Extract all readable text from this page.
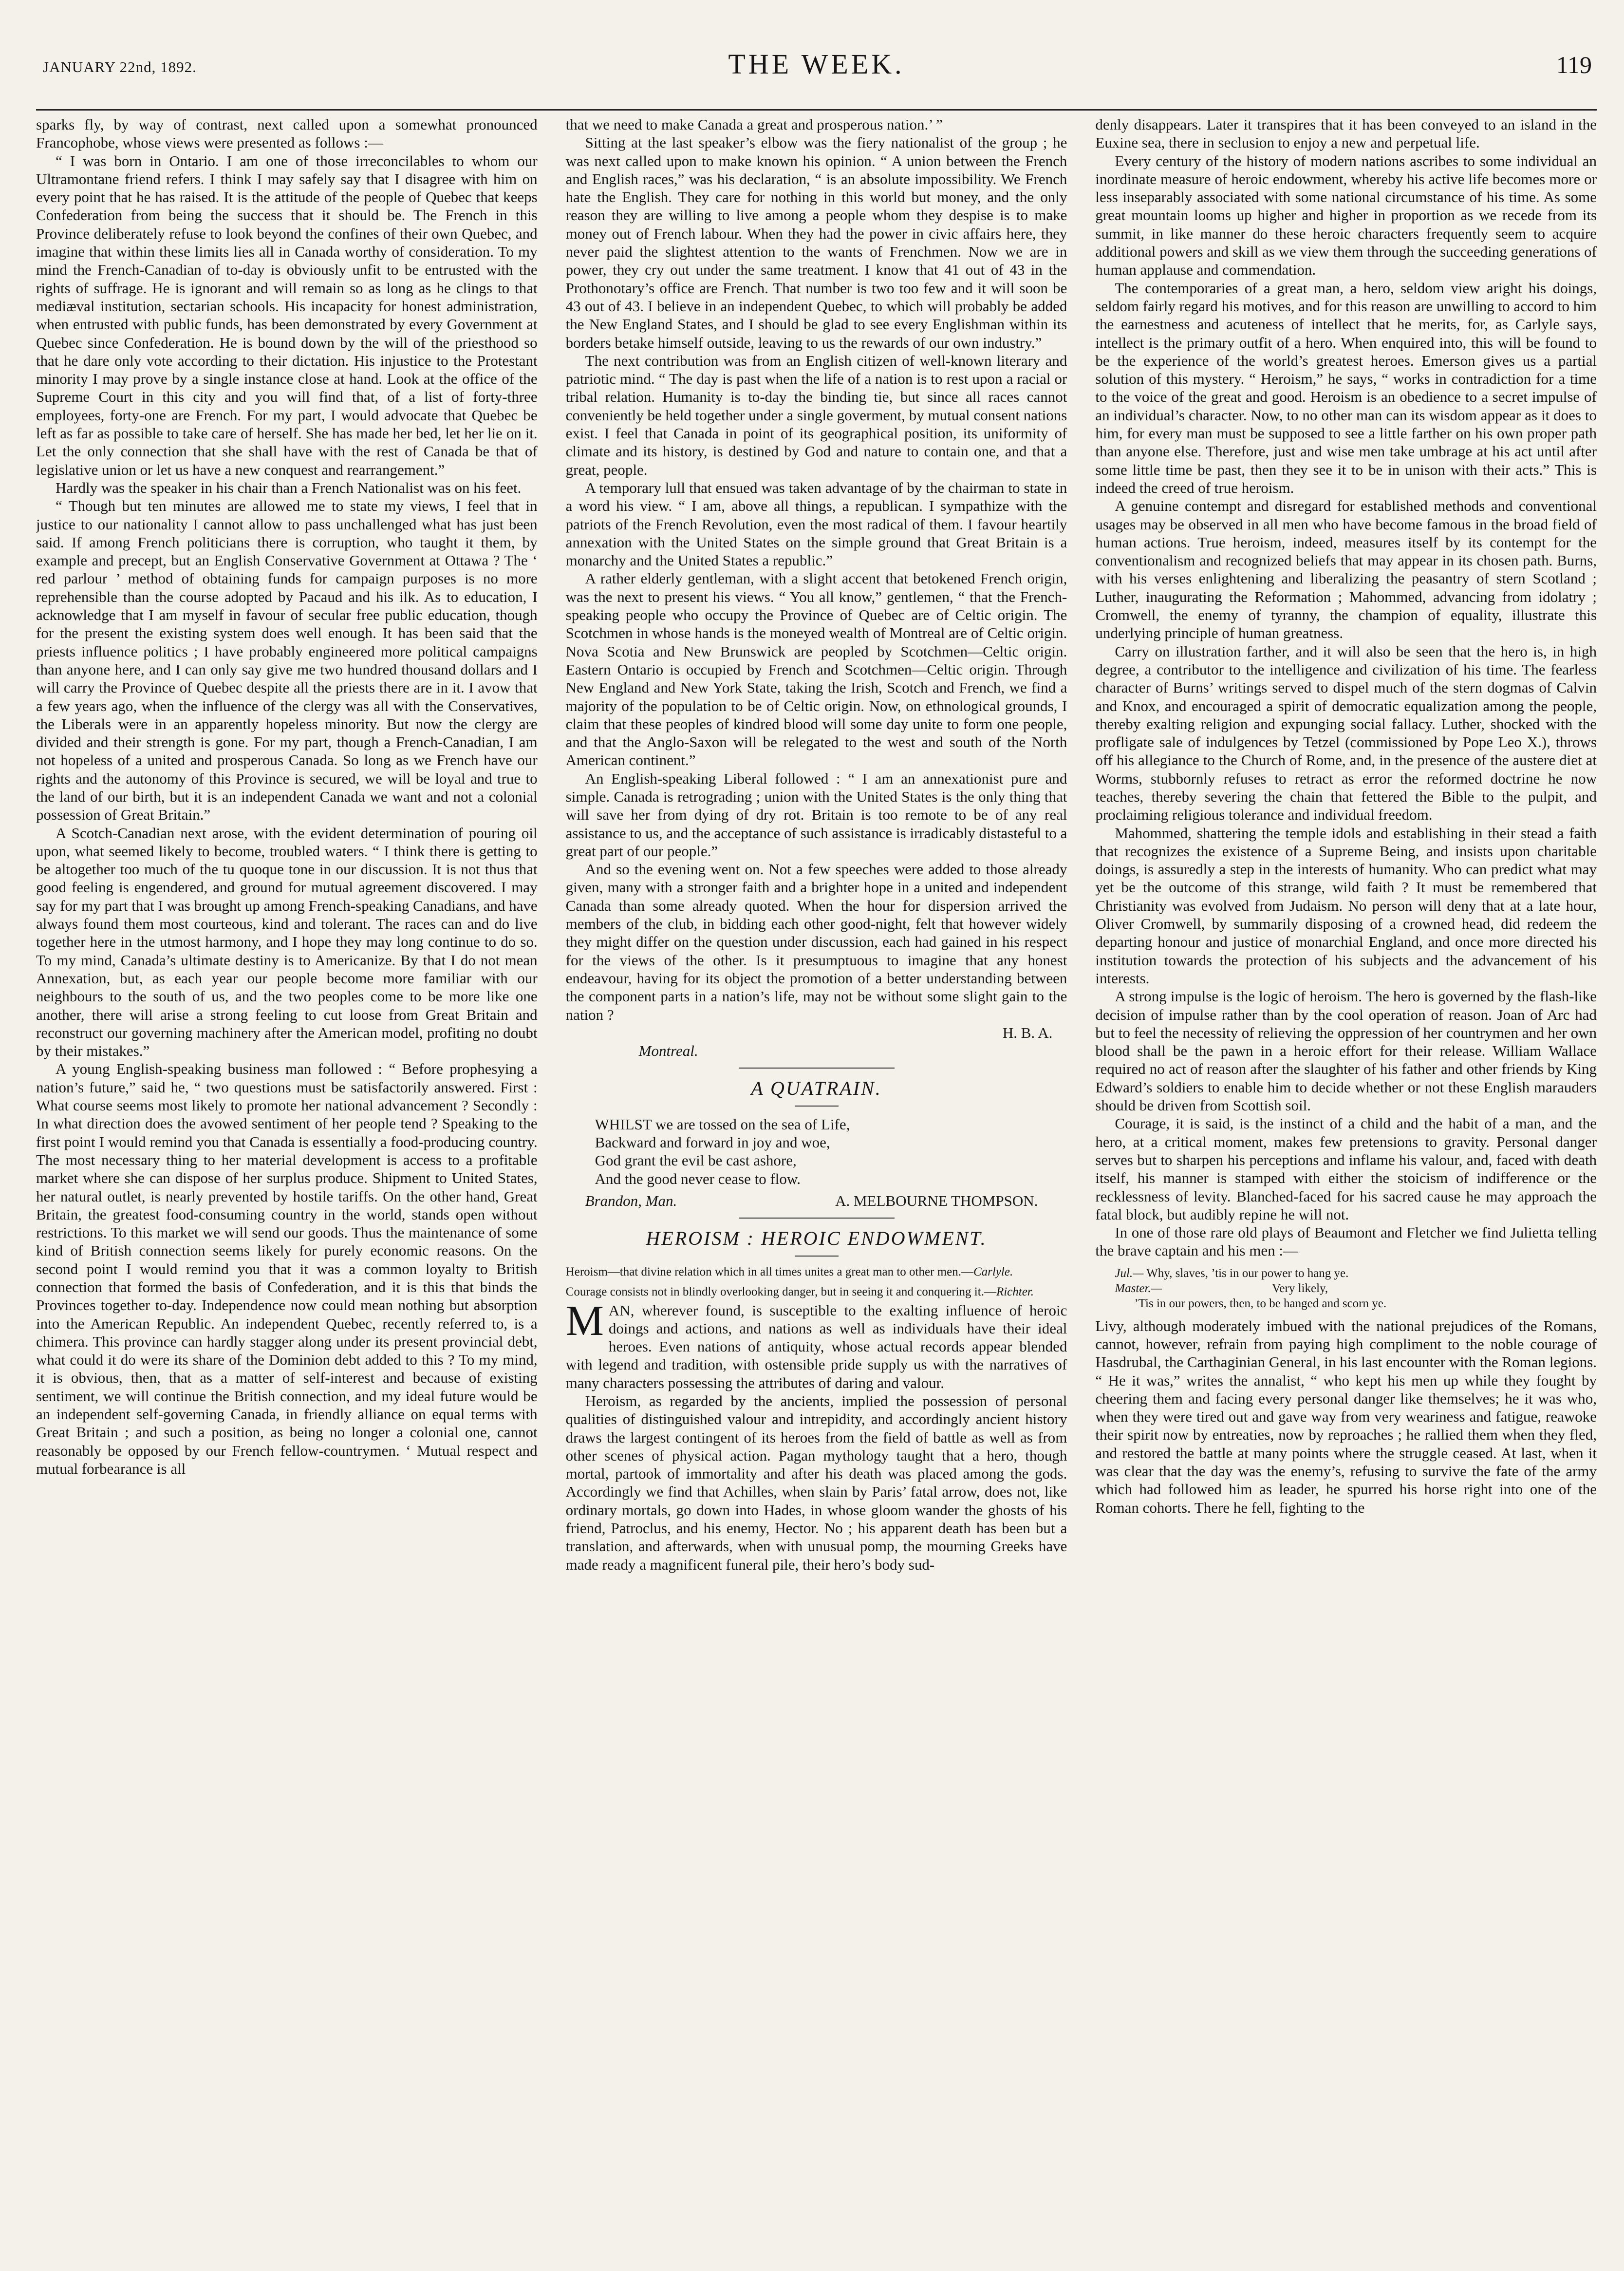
JANUARY 22nd, 1892.	THE WEEK.	119

sparks fly, by way of contrast, next called upon a somewhat pronounced Francophobe, whose views were presented as follows :—

“ I was born in Ontario. I am one of those irreconcilables to whom our Ultramontane friend refers. I think I may safely say that I disagree with him on every point that he has raised. It is the attitude of the people of Quebec that keeps Confederation from being the success that it should be. The French in this Province deliberately refuse to look beyond the confines of their own Quebec, and imagine that within these limits lies all in Canada worthy of consideration. To my mind the French-Canadian of to-day is obviously unfit to be entrusted with the rights of suffrage. He is ignorant and will remain so as long as he clings to that mediæval institution, sectarian schools. His incapacity for honest administration, when entrusted with public funds, has been demonstrated by every Government at Quebec since Confederation. He is bound down by the will of the priesthood so that he dare only vote according to their dictation. His injustice to the Protestant minority I may prove by a single instance close at hand. Look at the office of the Supreme Court in this city and you will find that, of a list of forty-three employees, forty-one are French. For my part, I would advocate that Quebec be left as far as possible to take care of herself. She has made her bed, let her lie on it. Let the only connection that she shall have with the rest of Canada be that of legislative union or let us have a new conquest and rearrangement.”

Hardly was the speaker in his chair than a French Nationalist was on his feet.

“ Though but ten minutes are allowed me to state my views, I feel that in justice to our nationality I cannot allow to pass unchallenged what has just been said. If among French politicians there is corruption, who taught it them, by example and precept, but an English Conservative Government at Ottawa ? The ‘ red parlour ’ method of obtaining funds for campaign purposes is no more reprehensible than the course adopted by Pacaud and his ilk. As to education, I acknowledge that I am myself in favour of secular free public education, though for the present the existing system does well enough. It has been said that the priests influence politics ; I have probably engineered more political campaigns than anyone here, and I can only say give me two hundred thousand dollars and I will carry the Province of Quebec despite all the priests there are in it. I avow that a few years ago, when the influence of the clergy was all with the Conservatives, the Liberals were in an apparently hopeless minority. But now the clergy are divided and their strength is gone. For my part, though a French-Canadian, I am not hopeless of a united and prosperous Canada. So long as we French have our rights and the autonomy of this Province is secured, we will be loyal and true to the land of our birth, but it is an independent Canada we want and not a colonial possession of Great Britain.”

A Scotch-Canadian next arose, with the evident determination of pouring oil upon, what seemed likely to become, troubled waters. “ I think there is getting to be altogether too much of the tu quoque tone in our discussion. It is not thus that good feeling is engendered, and ground for mutual agreement discovered. I may say for my part that I was brought up among French-speaking Canadians, and have always found them most courteous, kind and tolerant. The races can and do live together here in the utmost harmony, and I hope they may long continue to do so. To my mind, Canada’s ultimate destiny is to Americanize. By that I do not mean Annexation, but, as each year our people become more familiar with our neighbours to the south of us, and the two peoples come to be more like one another, there will arise a strong feeling to cut loose from Great Britain and reconstruct our governing machinery after the American model, profiting no doubt by their mistakes.”

A young English-speaking business man followed : “ Before prophesying a nation’s future,” said he, “ two questions must be satisfactorily answered. First : What course seems most likely to promote her national advancement ? Secondly : In what direction does the avowed sentiment of her people tend ? Speaking to the first point I would remind you that Canada is essentially a food-producing country. The most necessary thing to her material development is access to a profitable market where she can dispose of her surplus produce. Shipment to United States, her natural outlet, is nearly prevented by hostile tariffs. On the other hand, Great Britain, the greatest food-consuming country in the world, stands open without restrictions. To this market we will send our goods. Thus the maintenance of some kind of British connection seems likely for purely economic reasons. On the second point I would remind you that it was a common loyalty to British connection that formed the basis of Confederation, and it is this that binds the Provinces together to-day. Independence now could mean nothing but absorption into the American Republic. An independent Quebec, recently referred to, is a chimera. This province can hardly stagger along under its present provincial debt, what could it do were its share of the Dominion debt added to this ? To my mind, it is obvious, then, that as a matter of self-interest and because of existing sentiment, we will continue the British connection, and my ideal future would be an independent self-governing Canada, in friendly alliance on equal terms with Great Britain ; and such a position, as being no longer a colonial one, cannot reasonably be opposed by our French fellow-countrymen. ‘ Mutual respect and mutual forbearance is all

that we need to make Canada a great and prosperous nation.’ ”

Sitting at the last speaker’s elbow was the fiery nationalist of the group ; he was next called upon to make known his opinion. “ A union between the French and English races,” was his declaration, “ is an absolute impossibility. We French hate the English. They care for nothing in this world but money, and the only reason they are willing to live among a people whom they despise is to make money out of French labour. When they had the power in civic affairs here, they never paid the slightest attention to the wants of Frenchmen. Now we are in power, they cry out under the same treatment. I know that 41 out of 43 in the Prothonotary’s office are French. That number is two too few and it will soon be 43 out of 43. I believe in an independent Quebec, to which will probably be added the New England States, and I should be glad to see every Englishman within its borders betake himself outside, leaving to us the rewards of our own industry.”

The next contribution was from an English citizen of well-known literary and patriotic mind. “ The day is past when the life of a nation is to rest upon a racial or tribal relation. Humanity is to-day the binding tie, but since all races cannot conveniently be held together under a single goverment, by mutual consent nations exist. I feel that Canada in point of its geographical position, its uniformity of climate and its history, is destined by God and nature to contain one, and that a great, people.

A temporary lull that ensued was taken advantage of by the chairman to state in a word his view. “ I am, above all things, a republican. I sympathize with the patriots of the French Revolution, even the most radical of them. I favour heartily annexation with the United States on the simple ground that Great Britain is a monarchy and the United States a republic.”

A rather elderly gentleman, with a slight accent that betokened French origin, was the next to present his views. “ You all know,” gentlemen, “ that the French-speaking people who occupy the Province of Quebec are of Celtic origin. The Scotchmen in whose hands is the moneyed wealth of Montreal are of Celtic origin. Nova Scotia and New Brunswick are peopled by Scotchmen—Celtic origin. Eastern Ontario is occupied by French and Scotchmen—Celtic origin. Through New England and New York State, taking the Irish, Scotch and French, we find a majority of the population to be of Celtic origin. Now, on ethnological grounds, I claim that these peoples of kindred blood will some day unite to form one people, and that the Anglo-Saxon will be relegated to the west and south of the North American continent.”

An English-speaking Liberal followed : “ I am an annexationist pure and simple. Canada is retrograding ; union with the United States is the only thing that will save her from dying of dry rot. Britain is too remote to be of any real assistance to us, and the acceptance of such assistance is irradicably distasteful to a great part of our people.”

And so the evening went on. Not a few speeches were added to those already given, many with a stronger faith and a brighter hope in a united and independent Canada than some already quoted. When the hour for dispersion arrived the members of the club, in bidding each other good-night, felt that however widely they might differ on the question under discussion, each had gained in his respect for the views of the other. Is it presumptuous to imagine that any honest endeavour, having for its object the promotion of a better understanding between the component parts in a nation’s life, may not be without some slight gain to the nation ?

H. B. A.

Montreal.

A QUATRAIN.
WHILST we are tossed on the sea of Life,
Backward and forward in joy and woe,
God grant the evil be cast ashore,
And the good never cease to flow.
Brandon, Man.	A. MELBOURNE THOMPSON.
HEROISM : HEROIC ENDOWMENT.
Heroism—that divine relation which in all times unites a great man to other men.—Carlyle.
Courage consists not in blindly overlooking danger, but in seeing it and conquering it.—Richter.

MAN, wherever found, is susceptible to the exalting influence of heroic doings and actions, and nations as well as individuals have their ideal heroes. Even nations of antiquity, whose actual records appear blended with legend and tradition, with ostensible pride supply us with the narratives of many characters possessing the attributes of daring and valour.

Heroism, as regarded by the ancients, implied the possession of personal qualities of distinguished valour and intrepidity, and accordingly ancient history draws the largest contingent of its heroes from the field of battle as well as from other scenes of physical action. Pagan mythology taught that a hero, though mortal, partook of immortality and after his death was placed among the gods. Accordingly we find that Achilles, when slain by Paris’ fatal arrow, does not, like ordinary mortals, go down into Hades, in whose gloom wander the ghosts of his friend, Patroclus, and his enemy, Hector. No ; his apparent death has been but a translation, and afterwards, when with unusual pomp, the mourning Greeks have made ready a magnificent funeral pile, their hero’s body sud-

denly disappears. Later it transpires that it has been conveyed to an island in the Euxine sea, there in seclusion to enjoy a new and perpetual life.

Every century of the history of modern nations ascribes to some individual an inordinate measure of heroic endowment, whereby his active life becomes more or less inseparably associated with some national circumstance of his time. As some great mountain looms up higher and higher in proportion as we recede from its summit, in like manner do these heroic characters frequently seem to acquire additional powers and skill as we view them through the succeeding generations of human applause and commendation.

The contemporaries of a great man, a hero, seldom view aright his doings, seldom fairly regard his motives, and for this reason are unwilling to accord to him the earnestness and acuteness of intellect that he merits, for, as Carlyle says, intellect is the primary outfit of a hero. When enquired into, this will be found to be the experience of the world’s greatest heroes. Emerson gives us a partial solution of this mystery. “ Heroism,” he says, “ works in contradiction for a time to the voice of the great and good. Heroism is an obedience to a secret impulse of an individual’s character. Now, to no other man can its wisdom appear as it does to him, for every man must be supposed to see a little farther on his own proper path than anyone else. Therefore, just and wise men take umbrage at his act until after some little time be past, then they see it to be in unison with their acts.” This is indeed the creed of true heroism.

A genuine contempt and disregard for established methods and conventional usages may be observed in all men who have become famous in the broad field of human actions. True heroism, indeed, measures itself by its contempt for the conventionalism and recognized beliefs that may appear in its chosen path. Burns, with his verses enlightening and liberalizing the peasantry of stern Scotland ; Luther, inaugurating the Reformation ; Mahommed, advancing from idolatry ; Cromwell, the enemy of tyranny, the champion of equality, illustrate this underlying principle of human greatness.

Carry on illustration farther, and it will also be seen that the hero is, in high degree, a contributor to the intelligence and civilization of his time. The fearless character of Burns’ writings served to dispel much of the stern dogmas of Calvin and Knox, and encouraged a spirit of democratic equalization among the people, thereby exalting religion and expunging social fallacy. Luther, shocked with the profligate sale of indulgences by Tetzel (commissioned by Pope Leo X.), throws off his allegiance to the Church of Rome, and, in the presence of the austere diet at Worms, stubbornly refuses to retract as error the reformed doctrine he now teaches, thereby severing the chain that fettered the Bible to the pulpit, and proclaiming religious tolerance and individual freedom.

Mahommed, shattering the temple idols and establishing in their stead a faith that recognizes the existence of a Supreme Being, and insists upon charitable doings, is assuredly a step in the interests of humanity. Who can predict what may yet be the outcome of this strange, wild faith ? It must be remembered that Christianity was evolved from Judaism. No person will deny that at a late hour, Oliver Cromwell, by summarily disposing of a crowned head, did redeem the departing honour and justice of monarchial England, and once more directed his institution towards the protection of his subjects and the advancement of his interests.

A strong impulse is the logic of heroism. The hero is governed by the flash-like decision of impulse rather than by the cool operation of reason. Joan of Arc had but to feel the necessity of relieving the oppression of her countrymen and her own blood shall be the pawn in a heroic effort for their release. William Wallace required no act of reason after the slaughter of his father and other friends by King Edward’s soldiers to enable him to decide whether or not these English marauders should be driven from Scottish soil.

Courage, it is said, is the instinct of a child and the habit of a man, and the hero, at a critical moment, makes few pretensions to gravity. Personal danger serves but to sharpen his perceptions and inflame his valour, and, faced with death itself, his manner is stamped with either the stoicism of indifference or the recklessness of levity. Blanched-faced for his sacred cause he may approach the fatal block, but audibly repine he will not.

In one of those rare old plays of Beaumont and Fletcher we find Julietta telling the brave captain and his men :—

Jul.— Why, slaves, ’tis in our power to hang ye.
Master.—	Very likely,
’Tis in our powers, then, to be hanged and scorn ye.

Livy, although moderately imbued with the national prejudices of the Romans, cannot, however, refrain from paying high compliment to the noble courage of Hasdrubal, the Carthaginian General, in his last encounter with the Roman legions. “ He it was,” writes the annalist, “ who kept his men up while they fought by cheering them and facing every personal danger like themselves; he it was who, when they were tired out and gave way from very weariness and fatigue, reawoke their spirit now by entreaties, now by reproaches ; he rallied them when they fled, and restored the battle at many points where the struggle ceased. At last, when it was clear that the day was the enemy’s, refusing to survive the fate of the army which had followed him as leader, he spurred his horse right into one of the Roman cohorts. There he fell, fighting to the
